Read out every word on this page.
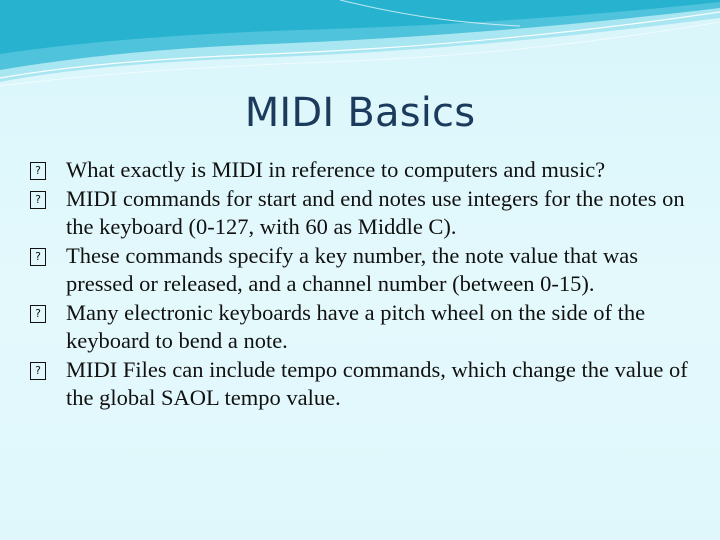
MIDI Basics
? What exactly is MIDI in reference to computers and music?
? MIDI commands for start and end notes use integers for the notes on the keyboard (0-127, with 60 as Middle C).
? These commands specify a key number, the note value that was pressed or released, and a channel number (between 0-15).
? Many electronic keyboards have a pitch wheel on the side of the keyboard to bend a note.
? MIDI Files can include tempo commands, which change the value of the global SAOL tempo value.
